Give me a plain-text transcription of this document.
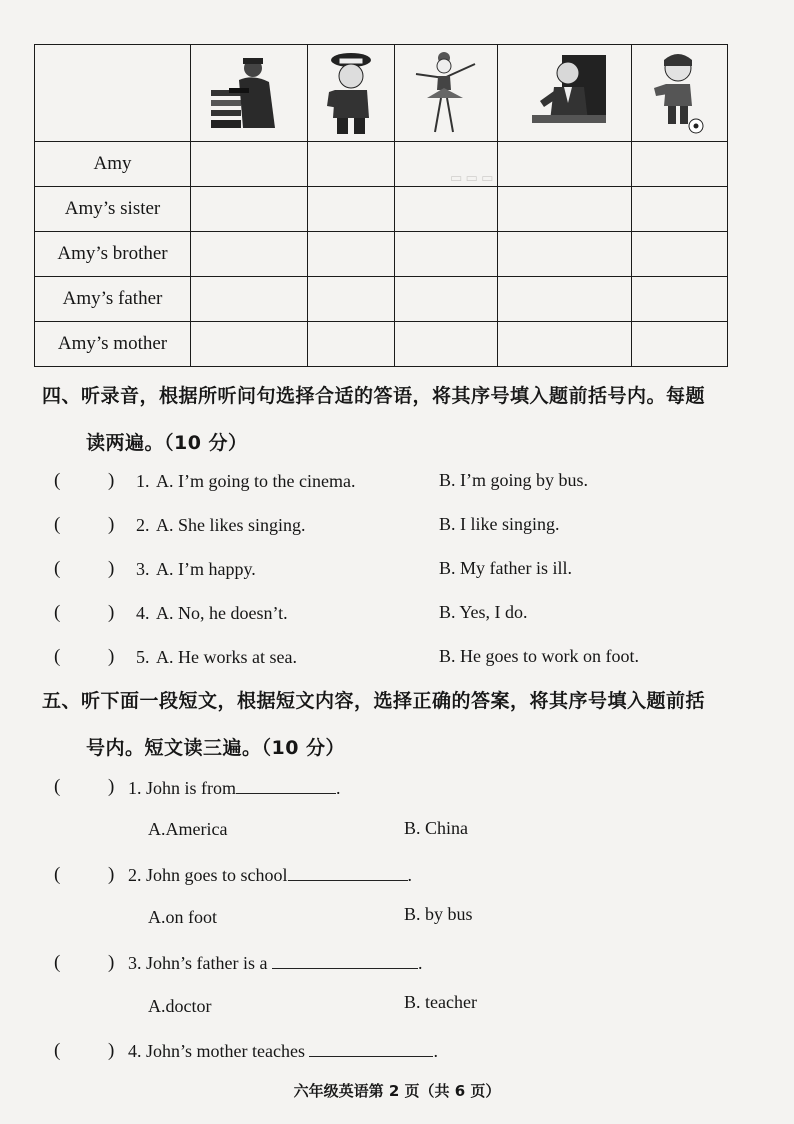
▭ ▭ ▭

Amy					
Amy’s sister					
Amy’s brother					
Amy’s father					
Amy’s mother					
四、听录音，根据所听问句选择合适的答语，将其序号填入题前括号内。每题
读两遍。（10 分）
(	) 1. A. I’m going to the cinema.	B. I’m going by bus.
(	) 2. A. She likes singing.	B. I like singing.
(	) 3. A. I’m happy.	B. My father is ill.
(	) 4. A. No, he doesn’t.	B. Yes, I do.
(	) 5. A. He works at sea.	B. He goes to work on foot.
五、听下面一段短文，根据短文内容，选择正确的答案，将其序号填入题前括
号内。短文读三遍。（10 分）
(	) 1. John is from	.
A.America	B. China
(	) 2. John goes to school	.
A.on foot	B. by bus
(	) 3. John’s father is a	.
A.doctor	B. teacher
(	) 4. John’s mother teaches	.
六年级英语第 2 页（共 6 页）
